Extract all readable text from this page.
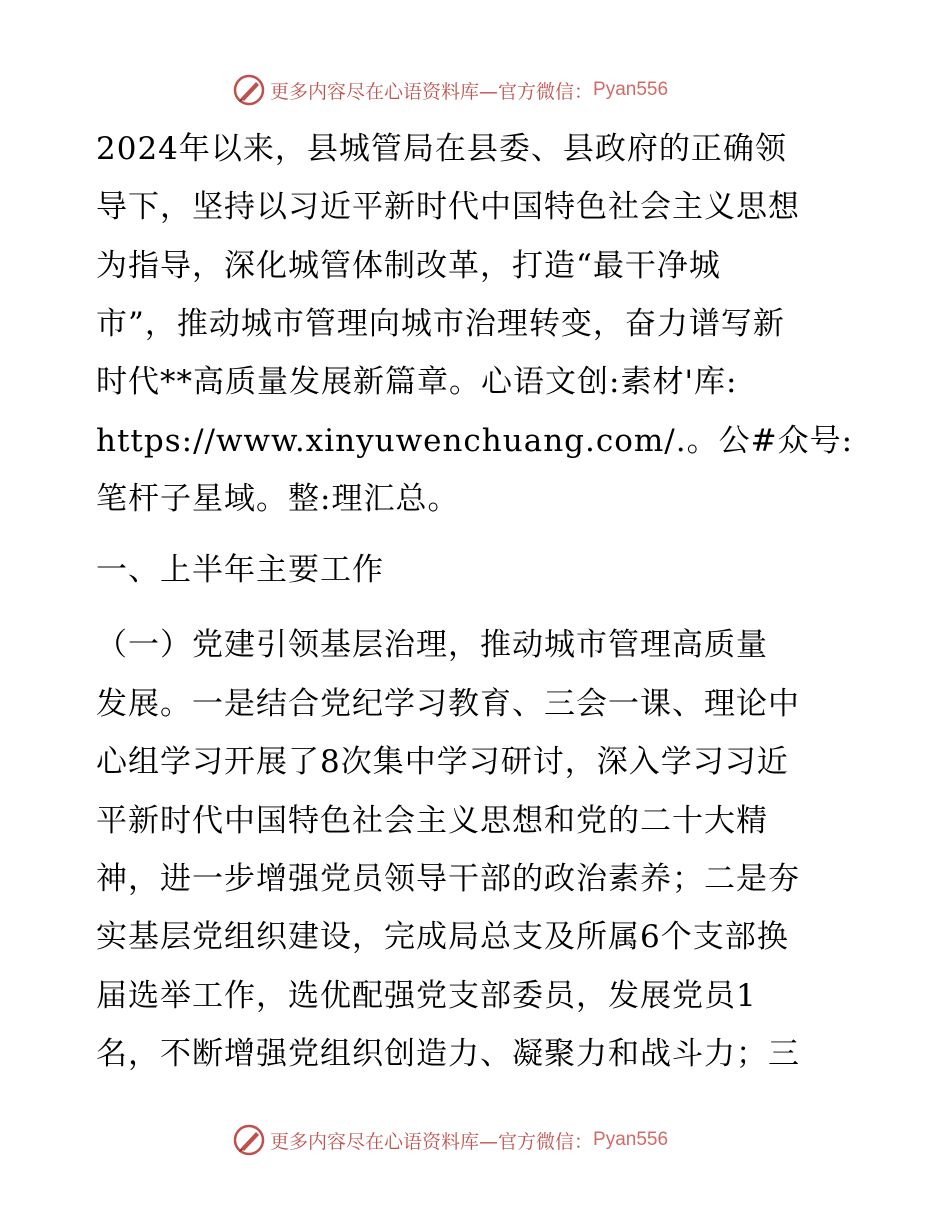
更多内容尽在心语资料库—官方微信： Pyan556
2024年以来，县城管局在县委、县政府的正确领
导下，坚持以习近平新时代中国特色社会主义思想
为指导，深化城管体制改革，打造“最干净城
市”，推动城市管理向城市治理转变，奋力谱写新
时代**高质量发展新篇章。心语文创:素材'库:
https://www.xinyuwenchuang.com/.。公#众号:
笔杆子星域。整:理汇总。
一、上半年主要工作
（一）党建引领基层治理，推动城市管理高质量
发展。一是结合党纪学习教育、三会一课、理论中
心组学习开展了8次集中学习研讨，深入学习习近
平新时代中国特色社会主义思想和党的二十大精
神，进一步增强党员领导干部的政治素养；二是夯
实基层党组织建设，完成局总支及所属6个支部换
届选举工作，选优配强党支部委员，发展党员1
名，不断增强党组织创造力、凝聚力和战斗力；三
更多内容尽在心语资料库—官方微信： Pyan556
